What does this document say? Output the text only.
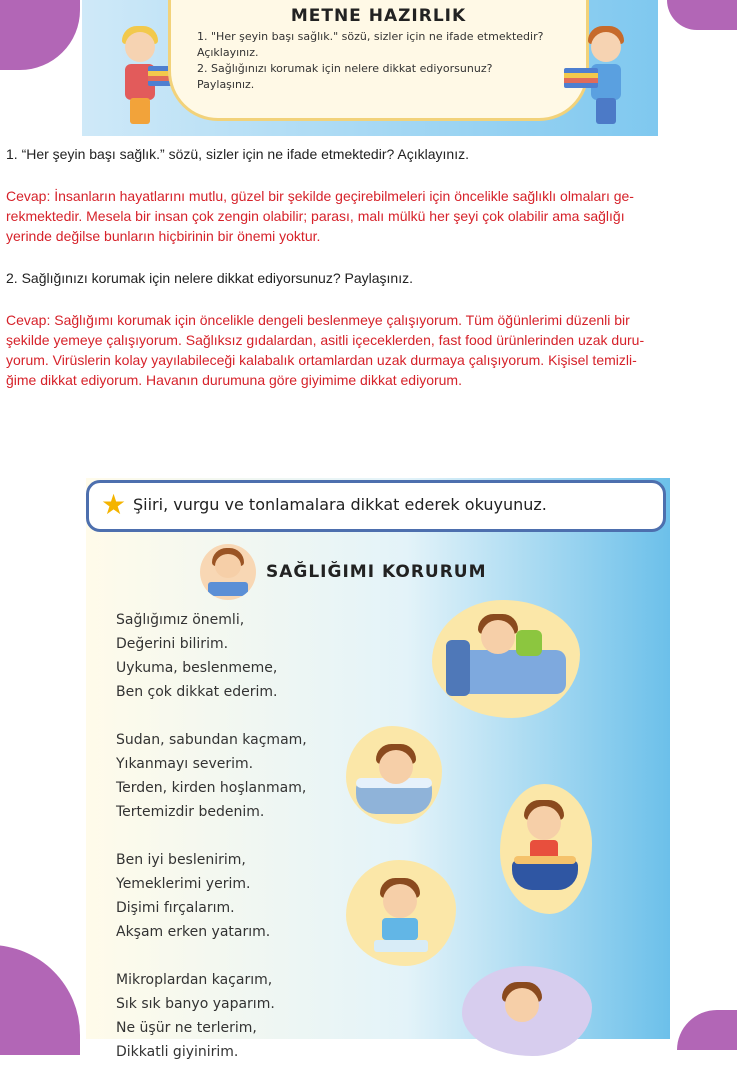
METNE HAZIRLIK
1. "Her şeyin başı sağlık." sözü, sizler için ne ifade etmektedir?
Açıklayınız.
2. Sağlığınızı korumak için nelere dikkat ediyorsunuz?
Paylaşınız.
1. “Her şeyin başı sağlık.” sözü, sizler için ne ifade etmektedir? Açıklayınız.
Cevap: İnsanların hayatlarını mutlu, güzel bir şekilde geçirebilmeleri için öncelikle sağlıklı olmaları ge-
rekmektedir. Mesela bir insan çok zengin olabilir; parası, malı mülkü her şeyi çok olabilir ama sağlığı
yerinde değilse bunların hiçbirinin bir önemi yoktur.
2. Sağlığınızı korumak için nelere dikkat ediyorsunuz? Paylaşınız.
Cevap: Sağlığımı korumak için öncelikle dengeli beslenmeye çalışıyorum. Tüm öğünlerimi düzenli bir
şekilde yemeye çalışıyorum. Sağlıksız gıdalardan, asitli içeceklerden, fast food ürünlerinden uzak duru-
yorum. Virüslerin kolay yayılabileceği kalabalık ortamlardan uzak durmaya çalışıyorum. Kişisel temizli-
ğime dikkat ediyorum. Havanın durumuna göre giyimime dikkat ediyorum.
★ Şiiri, vurgu ve tonlamalara dikkat ederek okuyunuz.
SAĞLIĞIMI KORURUM
Sağlığımız önemli,
Değerini bilirim.
Uykuma, beslenmeme,
Ben çok dikkat ederim.
Sudan, sabundan kaçmam,
Yıkanmayı severim.
Terden, kirden hoşlanmam,
Tertemizdir bedenim.
Ben iyi beslenirim,
Yemeklerimi yerim.
Dişimi fırçalarım.
Akşam erken yatarım.
Mikroplardan kaçarım,
Sık sık banyo yaparım.
Ne üşür ne terlerim,
Dikkatli giyinirim.
